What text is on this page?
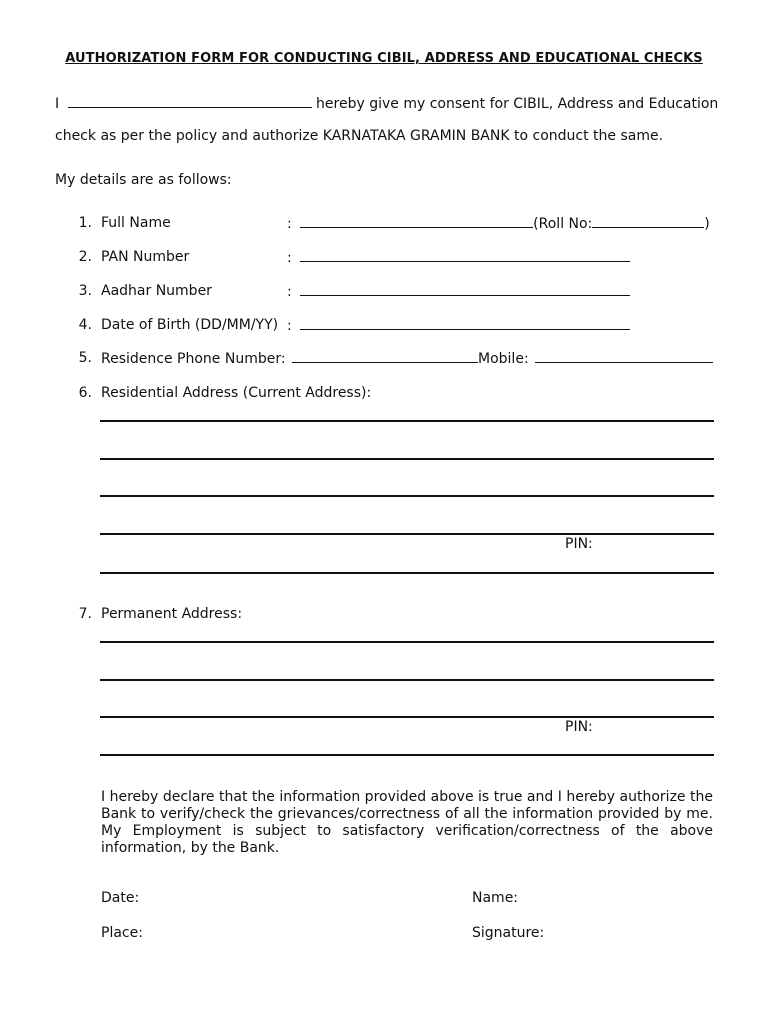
AUTHORIZATION FORM FOR CONDUCTING CIBIL, ADDRESS AND EDUCATIONAL CHECKS
I	hereby give my consent for CIBIL, Address and Education
check as per the policy and authorize KARNATAKA GRAMIN BANK to conduct the same.
My details are as follows:
1. Full Name	:	(Roll No:	)
2. PAN Number	:
3. Aadhar Number	:
4. Date of Birth (DD/MM/YY) :
5. Residence Phone Number:	Mobile:
6. Residential Address (Current Address):
PIN:
7. Permanent Address:
PIN:
I hereby declare that the information provided above is true and I hereby authorize the Bank to verify/check the grievances/correctness of all the information provided by me. My Employment is subject to satisfactory verification/correctness of the above information, by the Bank.
Date:
Place:
Name:
Signature:
